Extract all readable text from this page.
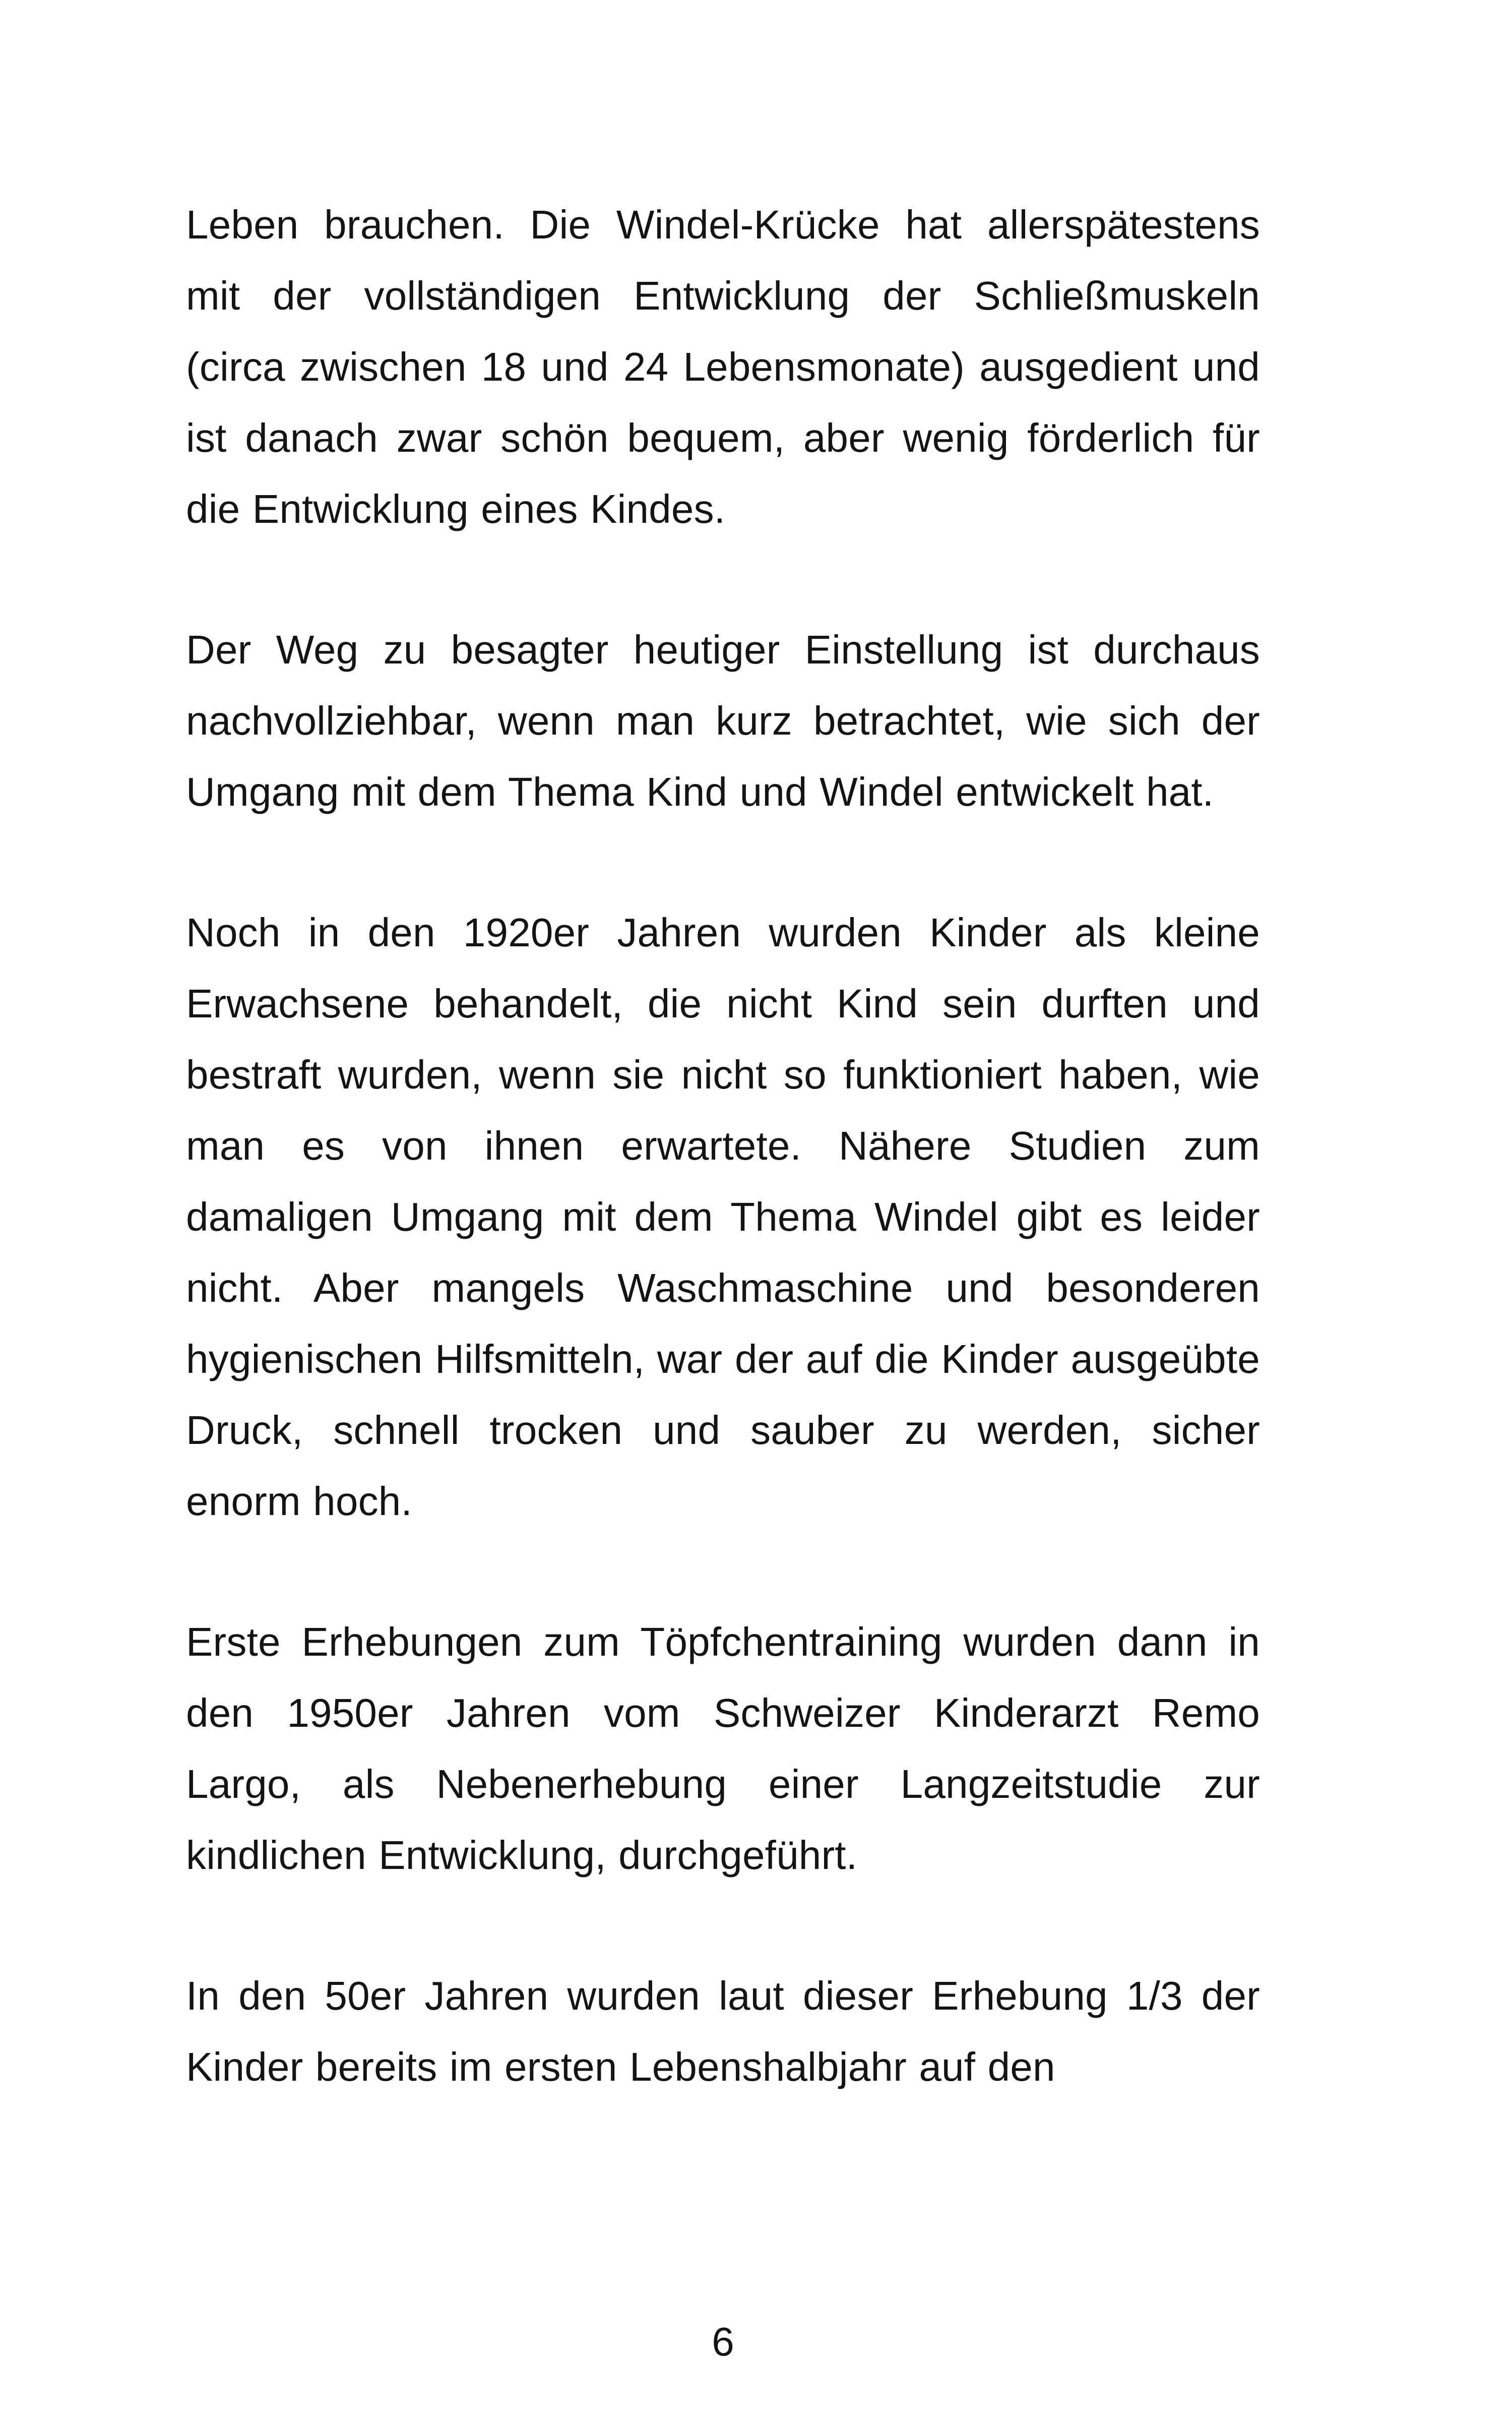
Leben brauchen. Die Windel-Krücke hat allerspätestens mit der vollständigen Entwicklung der Schließmuskeln (circa zwischen 18 und 24 Lebensmonate) ausgedient und ist danach zwar schön bequem, aber wenig förderlich für die Entwicklung eines Kindes.

Der Weg zu besagter heutiger Einstellung ist durchaus nachvollziehbar, wenn man kurz betrachtet, wie sich der Umgang mit dem Thema Kind und Windel entwickelt hat.

Noch in den 1920er Jahren wurden Kinder als kleine Erwachsene behandelt, die nicht Kind sein durften und bestraft wurden, wenn sie nicht so funktioniert haben, wie man es von ihnen erwartete. Nähere Studien zum damaligen Umgang mit dem Thema Windel gibt es leider nicht. Aber mangels Waschmaschine und besonderen hygienischen Hilfsmitteln, war der auf die Kinder ausgeübte Druck, schnell trocken und sauber zu werden, sicher enorm hoch.

Erste Erhebungen zum Töpfchentraining wurden dann in den 1950er Jahren vom Schweizer Kinderarzt Remo Largo, als Nebenerhebung einer Langzeitstudie zur kindlichen Entwicklung, durchgeführt.

In den 50er Jahren wurden laut dieser Erhebung 1/3 der Kinder bereits im ersten Lebenshalbjahr auf den

6
